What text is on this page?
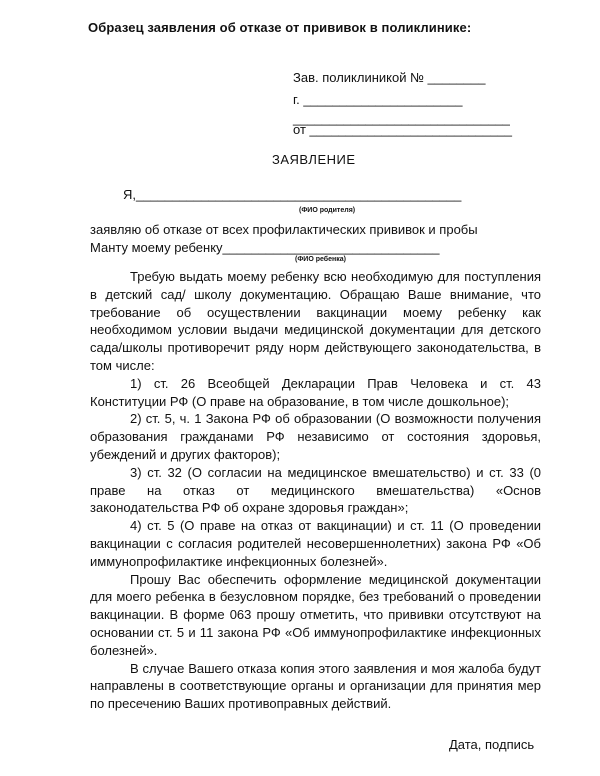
Образец заявления об отказе от прививок в поликлинике:
Зав. поликлиникой № ________
г. ______________________
______________________________
от ____________________________
ЗАЯВЛЕНИЕ
Я,_____________________________________________
(ФИО родителя)
заявляю об отказе от всех профилактических прививок и пробы
Манту моему ребенку______________________________
(ФИО ребенка)

Требую выдать моему ребенку всю необходимую для поступления в детский сад/ школу документацию. Обращаю Ваше внимание, что требование об осуществлении вакцинации моему ребенку как необходимом условии выдачи медицинской документации для детского сада/школы противоречит ряду норм действующего законодательства, в том числе:

1) ст. 26 Всеобщей Декларации Прав Человека и ст. 43 Конституции РФ (О праве на образование, в том числе дошкольное);

2) ст. 5, ч. 1 Закона РФ об образовании (О возможности получения образования гражданами РФ независимо от состояния здоровья, убеждений и других факторов);

3) ст. 32 (О согласии на медицинское вмешательство) и ст. 33 (0 праве на отказ от медицинского вмешательства) «Основ законодательства РФ об охране здоровья граждан»;

4) ст. 5 (О праве на отказ от вакцинации) и ст. 11 (О проведении вакцинации с согласия родителей несовершеннолетних) закона РФ «Об иммунопрофилактике инфекционных болезней».

Прошу Вас обеспечить оформление медицинской документации для моего ребенка в безусловном порядке, без требований о проведении вакцинации. В форме 063 прошу отметить, что прививки отсутствуют на основании ст. 5 и 11 закона РФ «Об иммунопрофилактике инфекционных болезней».

В случае Вашего отказа копия этого заявления и моя жалоба будут направлены в соответствующие органы и организации для принятия мер по пресечению Ваших противоправных действий.

Дата, подпись
